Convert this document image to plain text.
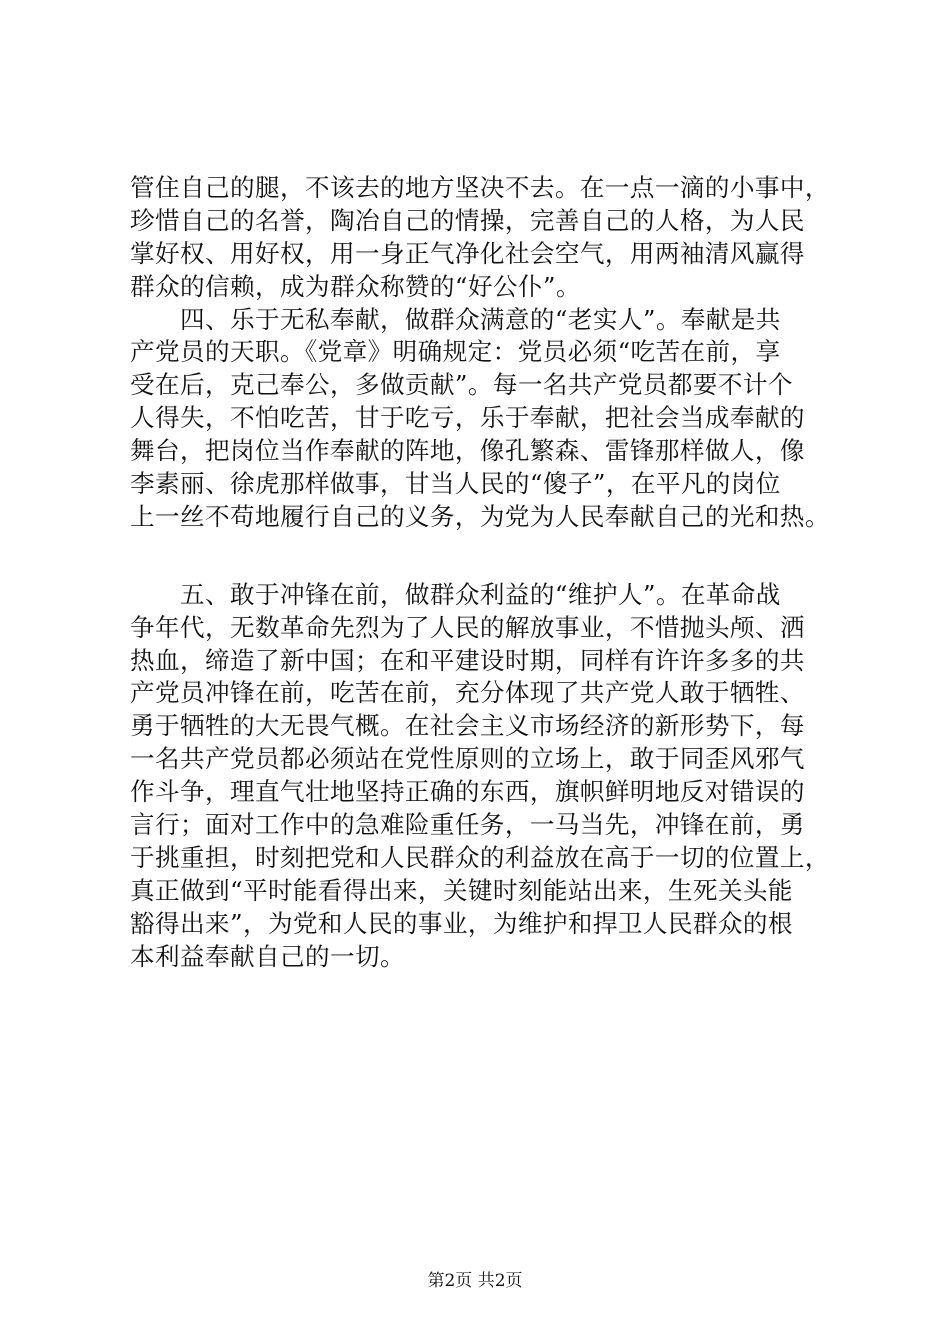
管住自己的腿，不该去的地方坚决不去。在一点一滴的小事中，
珍惜自己的名誉，陶冶自己的情操，完善自己的人格，为人民
掌好权、用好权，用一身正气净化社会空气，用两袖清风赢得
群众的信赖，成为群众称赞的“好公仆”。
　　四、乐于无私奉献，做群众满意的“老实人”。奉献是共
产党员的天职。《党章》明确规定：党员必须“吃苦在前，享
受在后，克己奉公，多做贡献”。每一名共产党员都要不计个
人得失，不怕吃苦，甘于吃亏，乐于奉献，把社会当成奉献的
舞台，把岗位当作奉献的阵地，像孔繁森、雷锋那样做人，像
李素丽、徐虎那样做事，甘当人民的“傻子”，在平凡的岗位
上一丝不苟地履行自己的义务，为党为人民奉献自己的光和热。
　　五、敢于冲锋在前，做群众利益的“维护人”。在革命战
争年代，无数革命先烈为了人民的解放事业，不惜抛头颅、洒
热血，缔造了新中国；在和平建设时期，同样有许许多多的共
产党员冲锋在前，吃苦在前，充分体现了共产党人敢于牺牲、
勇于牺牲的大无畏气概。在社会主义市场经济的新形势下，每
一名共产党员都必须站在党性原则的立场上，敢于同歪风邪气
作斗争，理直气壮地坚持正确的东西，旗帜鲜明地反对错误的
言行；面对工作中的急难险重任务，一马当先，冲锋在前，勇
于挑重担，时刻把党和人民群众的利益放在高于一切的位置上，
真正做到“平时能看得出来，关键时刻能站出来，生死关头能
豁得出来”，为党和人民的事业，为维护和捍卫人民群众的根
本利益奉献自己的一切。
第2页 共2页
